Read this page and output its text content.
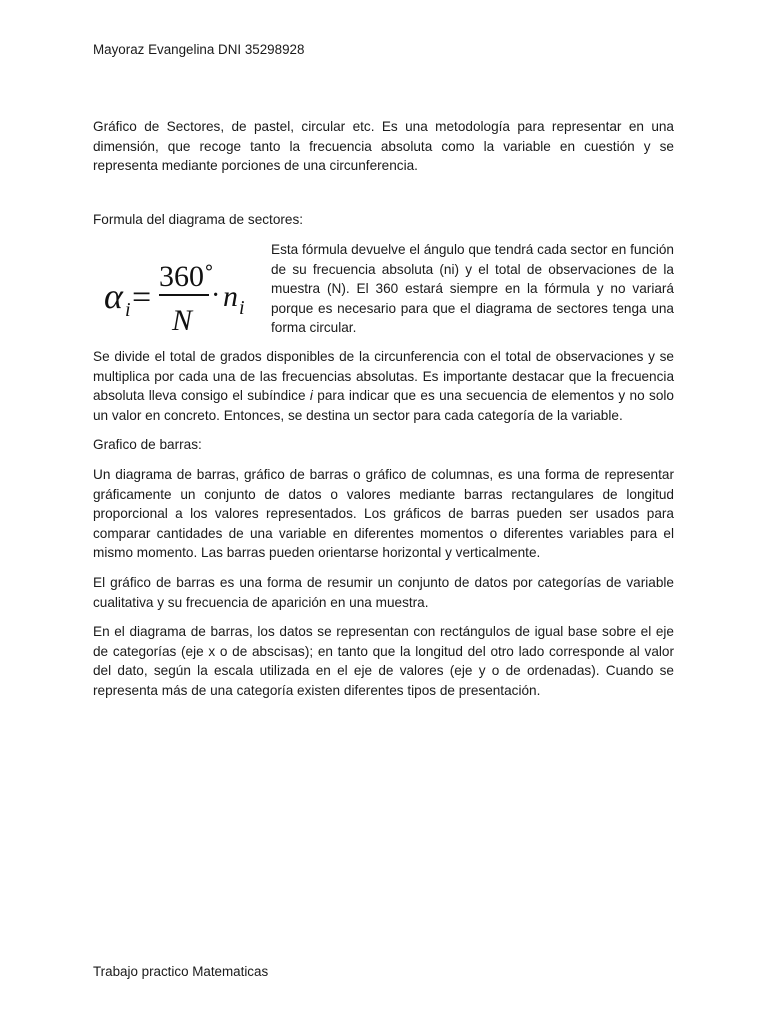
Mayoraz Evangelina DNI 35298928

Gráfico de Sectores, de pastel, circular etc. Es una metodología para representar en una dimensión, que recoge tanto la frecuencia absoluta como la variable en cuestión y se representa mediante porciones de una circunferencia.

Formula del diagrama de sectores:
α i =
360˚
N
· n i

Esta fórmula devuelve el ángulo que tendrá cada sector en función de su frecuencia absoluta (ni) y el total de observaciones de la muestra (N). El 360 estará siempre en la fórmula y no variará porque es necesario para que el diagrama de sectores tenga una forma circular.

Se divide el total de grados disponibles de la circunferencia con el total de observaciones y se multiplica por cada una de las frecuencias absolutas. Es importante destacar que la frecuencia absoluta lleva consigo el subíndice i para indicar que es una secuencia de elementos y no solo un valor en concreto. Entonces, se destina un sector para cada categoría de la variable.

Grafico de barras:

Un diagrama de barras, gráfico de barras o gráfico de columnas, es una forma de representar gráficamente un conjunto de datos o valores mediante barras rectangulares de longitud proporcional a los valores representados. Los gráficos de barras pueden ser usados para comparar cantidades de una variable en diferentes momentos o diferentes variables para el mismo momento. Las barras pueden orientarse horizontal y verticalmente.

El gráfico de barras es una forma de resumir un conjunto de datos por categorías de variable cualitativa y su frecuencia de aparición en una muestra.

En el diagrama de barras, los datos se representan con rectángulos de igual base sobre el eje de categorías (eje x o de abscisas); en tanto que la longitud del otro lado corresponde al valor del dato, según la escala utilizada en el eje de valores (eje y o de ordenadas). Cuando se representa más de una categoría existen diferentes tipos de presentación.

Trabajo practico Matematicas
